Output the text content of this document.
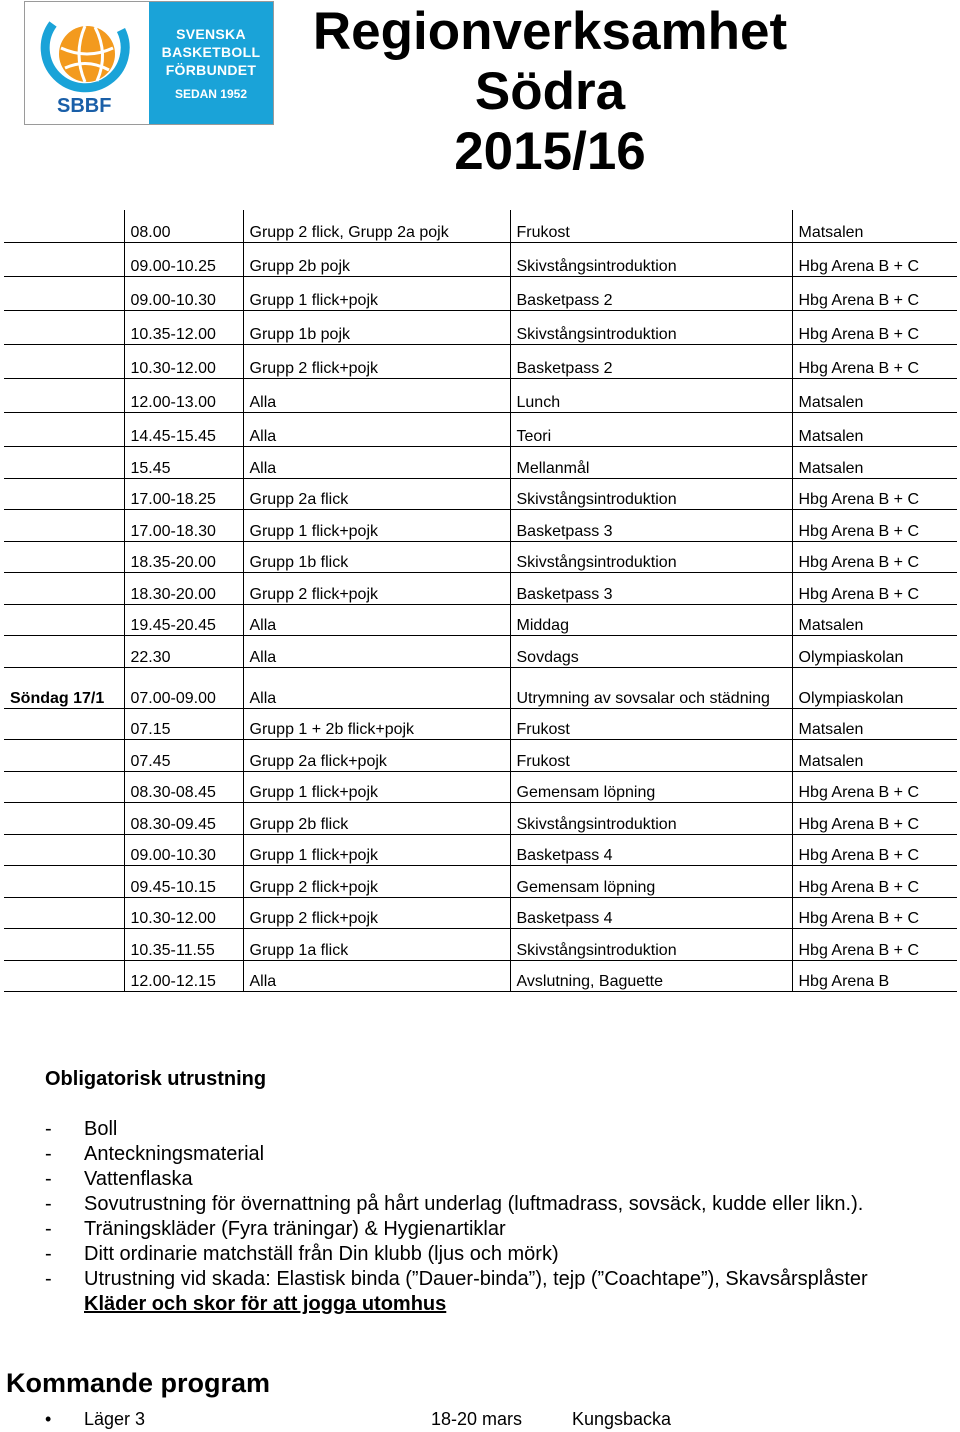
SBBF
SVENSKA
BASKETBOLL
FÖRBUNDET
SEDAN 1952
Regionverksamhet
Södra
2015/16
	08.00	Grupp 2 flick, Grupp 2a pojk	Frukost	Matsalen
	09.00-10.25	Grupp 2b pojk	Skivstångsintroduktion	Hbg Arena B + C
	09.00-10.30	Grupp 1 flick+pojk	Basketpass 2	Hbg Arena B + C
	10.35-12.00	Grupp 1b pojk	Skivstångsintroduktion	Hbg Arena B + C
	10.30-12.00	Grupp 2 flick+pojk	Basketpass 2	Hbg Arena B + C
	12.00-13.00	Alla	Lunch	Matsalen
	14.45-15.45	Alla	Teori	Matsalen
	15.45	Alla	Mellanmål	Matsalen
	17.00-18.25	Grupp 2a flick	Skivstångsintroduktion	Hbg Arena B + C
	17.00-18.30	Grupp 1 flick+pojk	Basketpass 3	Hbg Arena B + C
	18.35-20.00	Grupp 1b flick	Skivstångsintroduktion	Hbg Arena B + C
	18.30-20.00	Grupp 2 flick+pojk	Basketpass 3	Hbg Arena B + C
	19.45-20.45	Alla	Middag	Matsalen
	22.30	Alla	Sovdags	Olympiaskolan
Söndag 17/1	07.00-09.00	Alla	Utrymning av sovsalar och städning	Olympiaskolan
	07.15	Grupp 1 + 2b flick+pojk	Frukost	Matsalen
	07.45	Grupp 2a flick+pojk	Frukost	Matsalen
	08.30-08.45	Grupp 1 flick+pojk	Gemensam löpning	Hbg Arena B + C
	08.30-09.45	Grupp 2b flick	Skivstångsintroduktion	Hbg Arena B + C
	09.00-10.30	Grupp 1 flick+pojk	Basketpass 4	Hbg Arena B + C
	09.45-10.15	Grupp 2 flick+pojk	Gemensam löpning	Hbg Arena B + C
	10.30-12.00	Grupp 2 flick+pojk	Basketpass 4	Hbg Arena B + C
	10.35-11.55	Grupp 1a flick	Skivstångsintroduktion	Hbg Arena B + C
	12.00-12.15	Alla	Avslutning, Baguette	Hbg Arena B
Obligatorisk utrustning
-	Boll
-	Anteckningsmaterial
-	Vattenflaska
-	Sovutrustning för övernattning på hårt underlag (luftmadrass, sovsäck, kudde eller likn.).
-	Träningskläder (Fyra träningar) & Hygienartiklar
-	Ditt ordinarie matchställ från Din klubb (ljus och mörk)
-	Utrustning vid skada: Elastisk binda (”Dauer-binda”), tejp (”Coachtape”), Skavsårsplåster
Kläder och skor för att jogga utomhus
Kommande program
• Läger 3	18-20 mars	Kungsbacka
